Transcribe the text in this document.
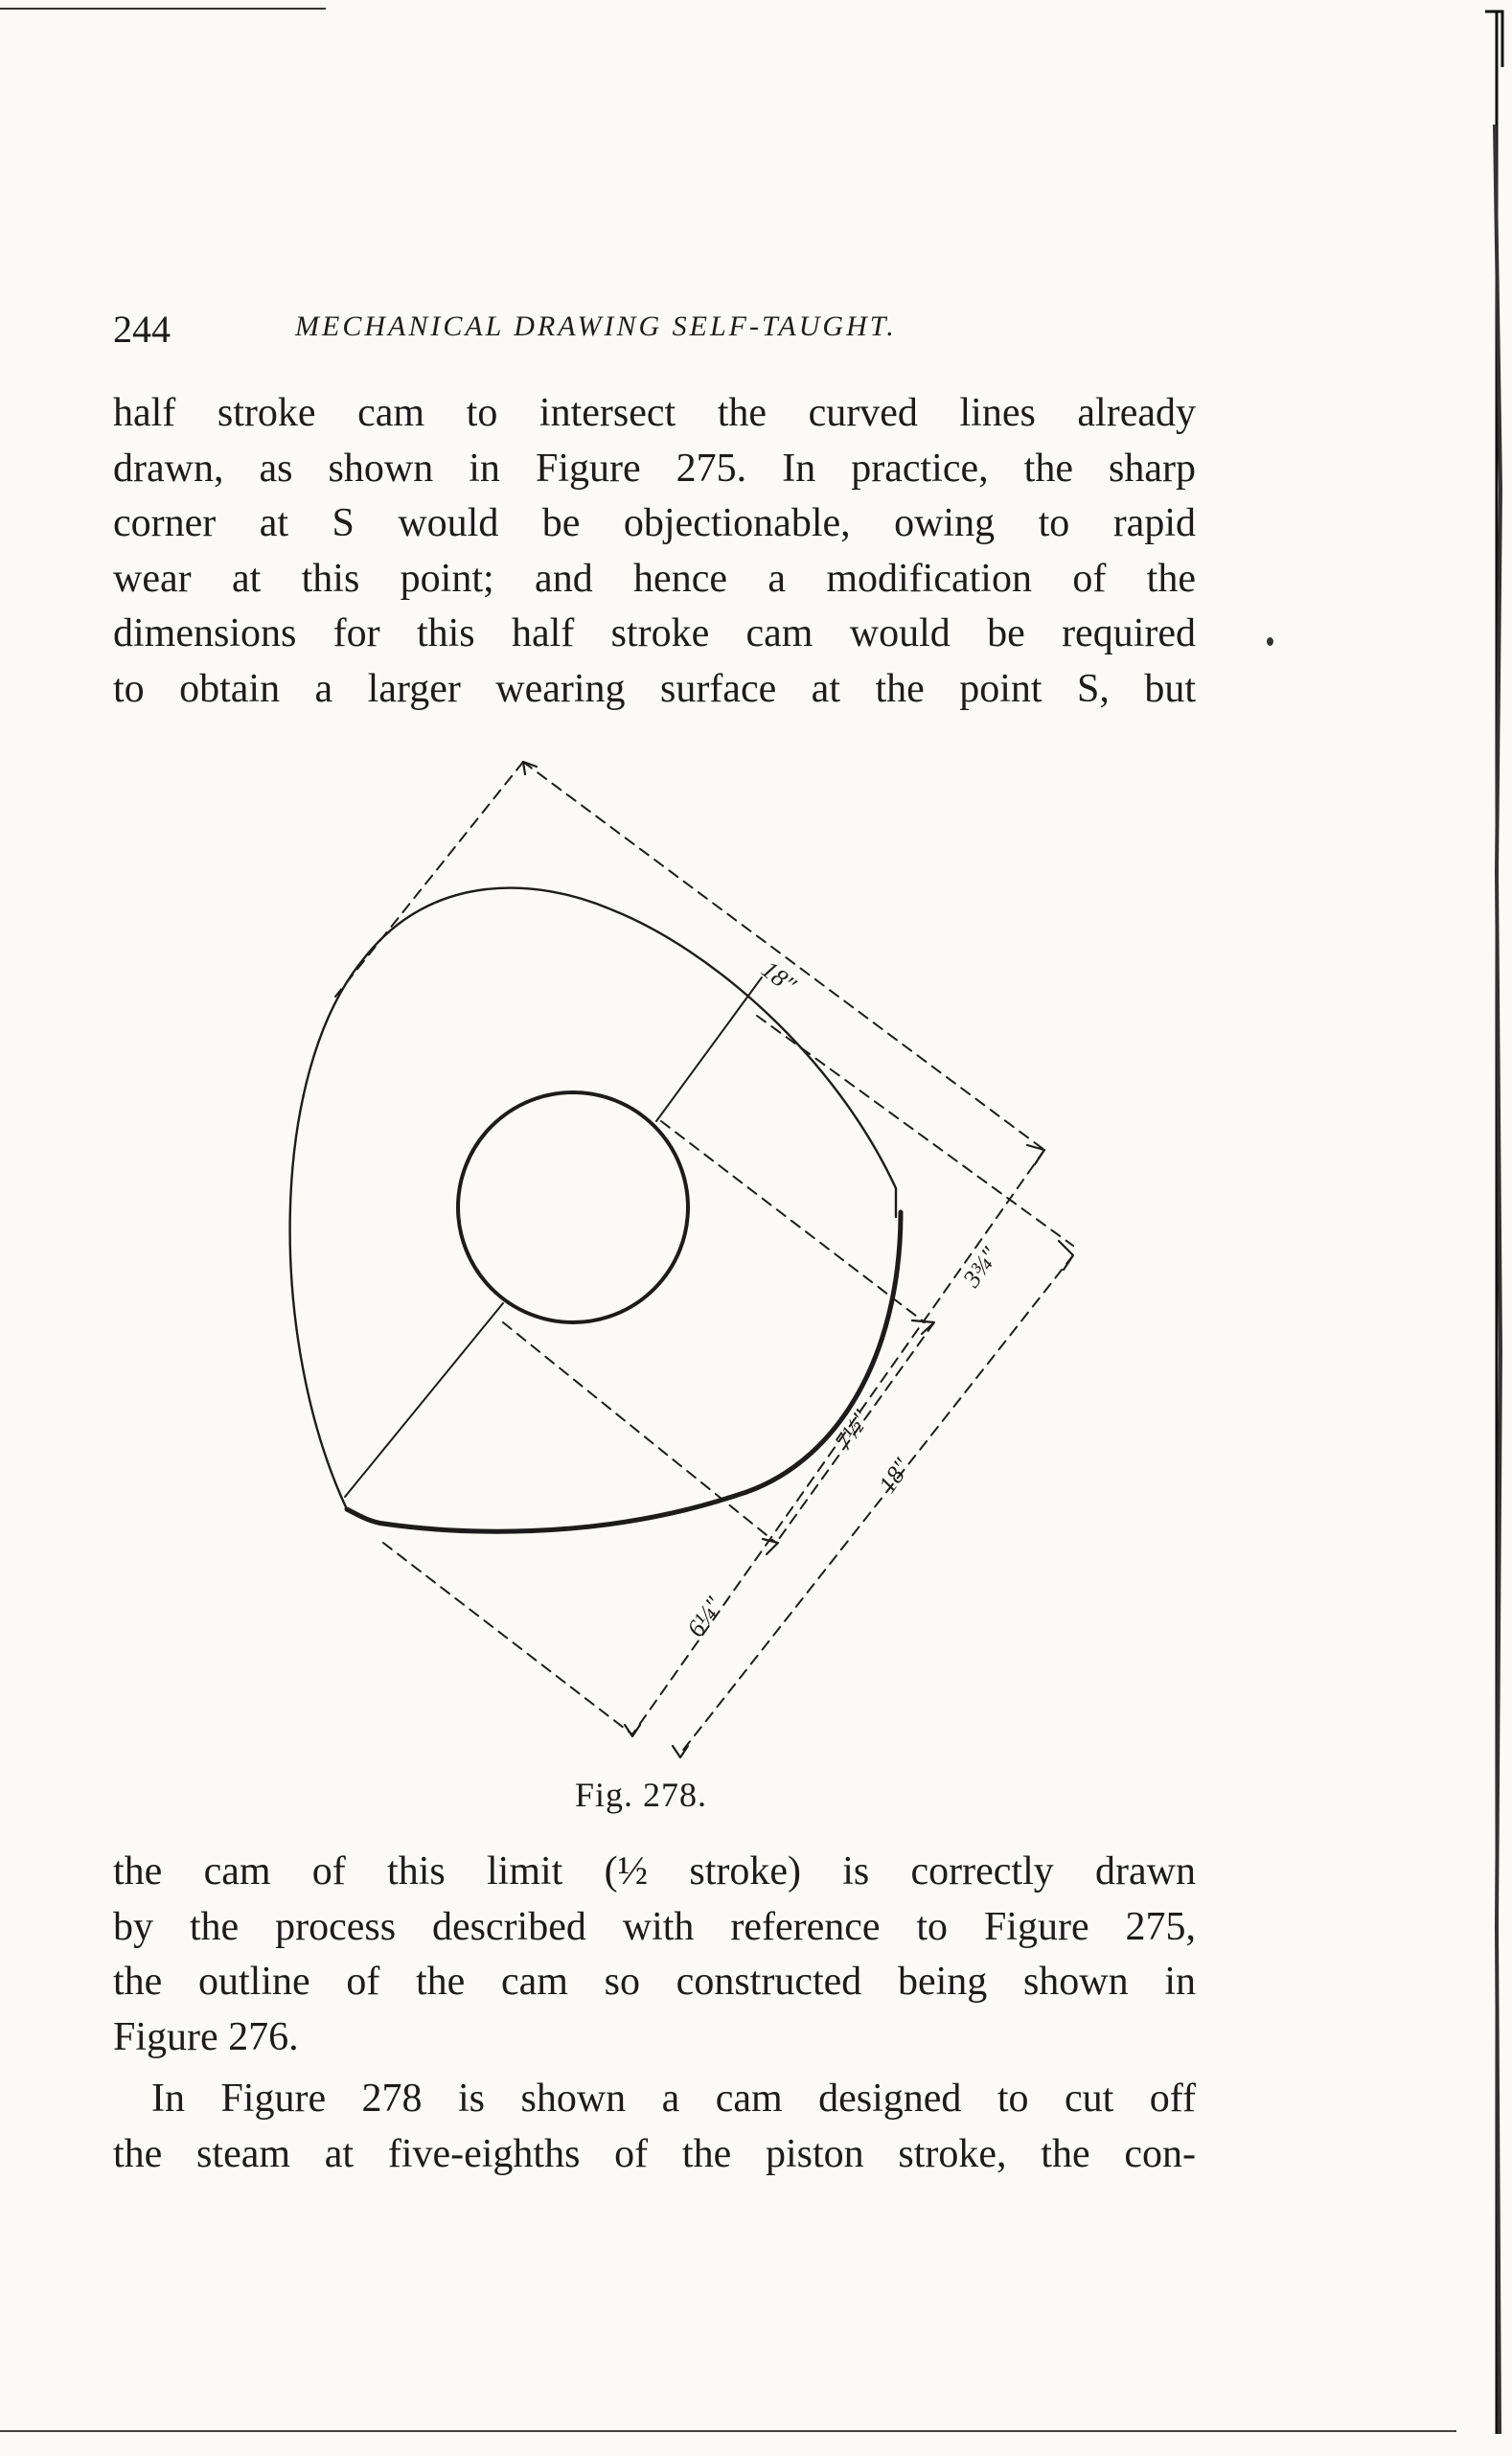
244	MECHANICAL DRAWING SELF-TAUGHT.
half stroke cam to intersect the curved lines already
drawn, as shown in Figure 275. In practice, the sharp
corner at S would be objectionable, owing to rapid
wear at this point; and hence a modification of the
dimensions for this half stroke cam would be required
to obtain a larger wearing surface at the point S, but
18″
3¾″
7½″
18″
6¼″
Fig. 278.
the cam of this limit (½ stroke) is correctly drawn
by the process described with reference to Figure 275,
the outline of the cam so constructed being shown in
Figure 276.
In Figure 278 is shown a cam designed to cut off
the steam at five-eighths of the piston stroke, the con-
